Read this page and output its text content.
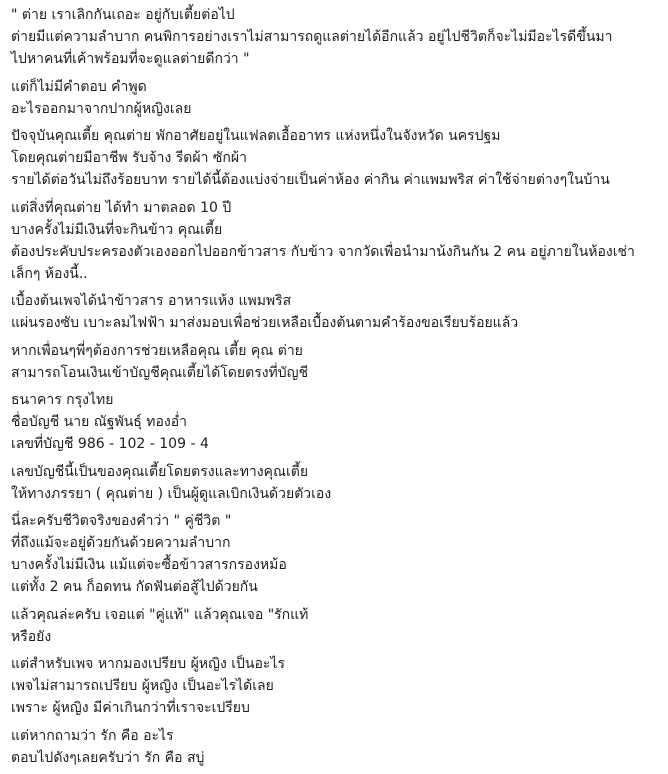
" ต่าย เราเลิกกันเถอะ อยู่กับเตี้ยต่อไป
ต่ายมีแต่ความลำบาก คนพิการอย่างเราไม่สามารถดูแลต่ายได้อีกแล้ว อยู่ไปชีวิตก็จะไม่มีอะไรดีขึ้นมา
ไปหาคนที่เค้าพร้อมที่จะดูแลต่ายดีกว่า "
แต่ก็ไม่มีคำตอบ คำพูด
อะไรออกมาจากปากผู้หญิงเลย
ปัจจุบันคุณเตี้ย คุณต่าย พักอาศัยอยู่ในแฟลตเอื้ออาทร แห่งหนึ่งในจังหวัด นครปฐม
โดยคุณต่ายมีอาชีพ รับจ้าง รีดผ้า ซักผ้า
รายได้ต่อวันไม่ถึงร้อยบาท รายได้นี้ต้องแบ่งจ่ายเป็นค่าห้อง ค่ากิน ค่าแพมพริส ค่าใช้จ่ายต่างๆในบ้าน
แต่สิ่งที่คุณต่าย ได้ทำ มาตลอด 10 ปี
บางครั้งไม่มีเงินที่จะกินข้าว คุณเตี้ย
ต้องประคับประครองตัวเองออกไปออกข้าวสาร กับข้าว จากวัดเพื่อนำมาน้งกินกัน 2 คน อยู่ภายในห้องเช่า
เล็กๆ ห้องนี้..
เบื้องต้นเพจได้นำข้าวสาร อาหารแห้ง แพมพริส
แผ่นรองซับ เบาะลมไฟฟ้า มาส่งมอบเพื่อช่วยเหลือเบื้องต้นตามคำร้องขอเรียบร้อยแล้ว
หากเพื่อนๆพี่ๆต้องการช่วยเหลือคุณ เตี้ย คุณ ต่าย
สามารถโอนเงินเข้าบัญชีคุณเตี้ยได้โดยตรงที่บัญชี
ธนาคาร กรุงไทย
ชื่อบัญชี นาย ณัฐพันธุ์ ทองอ่ำ
เลขที่บัญชี 986 - 102 - 109 - 4
เลขบัญชีนี้เป็นของคุณเตี้ยโดยตรงและทางคุณเตี้ย
ให้ทางภรรยา ( คุณต่าย ) เป็นผู้ดูแลเบิกเงินด้วยตัวเอง
นี่ละครับชีวิตจริงของคำว่า " คู่ชีวิต "
ที่ถึงแม้จะอยู่ด้วยกันด้วยความลำบาก
บางครั้งไม่มีเงิน แม้แต่จะซื้อข้าวสารกรองหม้อ
แต่ทั้ง 2 คน ก็อดทน กัดฟันต่อสู้ไปด้วยกัน
แล้วคุณล่ะครับ เจอแต่ "คู่แท้" แล้วคุณเจอ "รักแท้
หรือยัง
แต่สำหรับเพจ หากมองเปรียบ ผู้หญิง เป็นอะไร
เพจไม่สามารถเปรียบ ผู้หญิง เป็นอะไรได้เลย
เพราะ ผู้หญิง มีค่าเกินกว่าที่เราจะเปรียบ
แต่หากถามว่า รัก คือ อะไร
ตอบไปดังๆเลยครับว่า รัก คือ สบู่
